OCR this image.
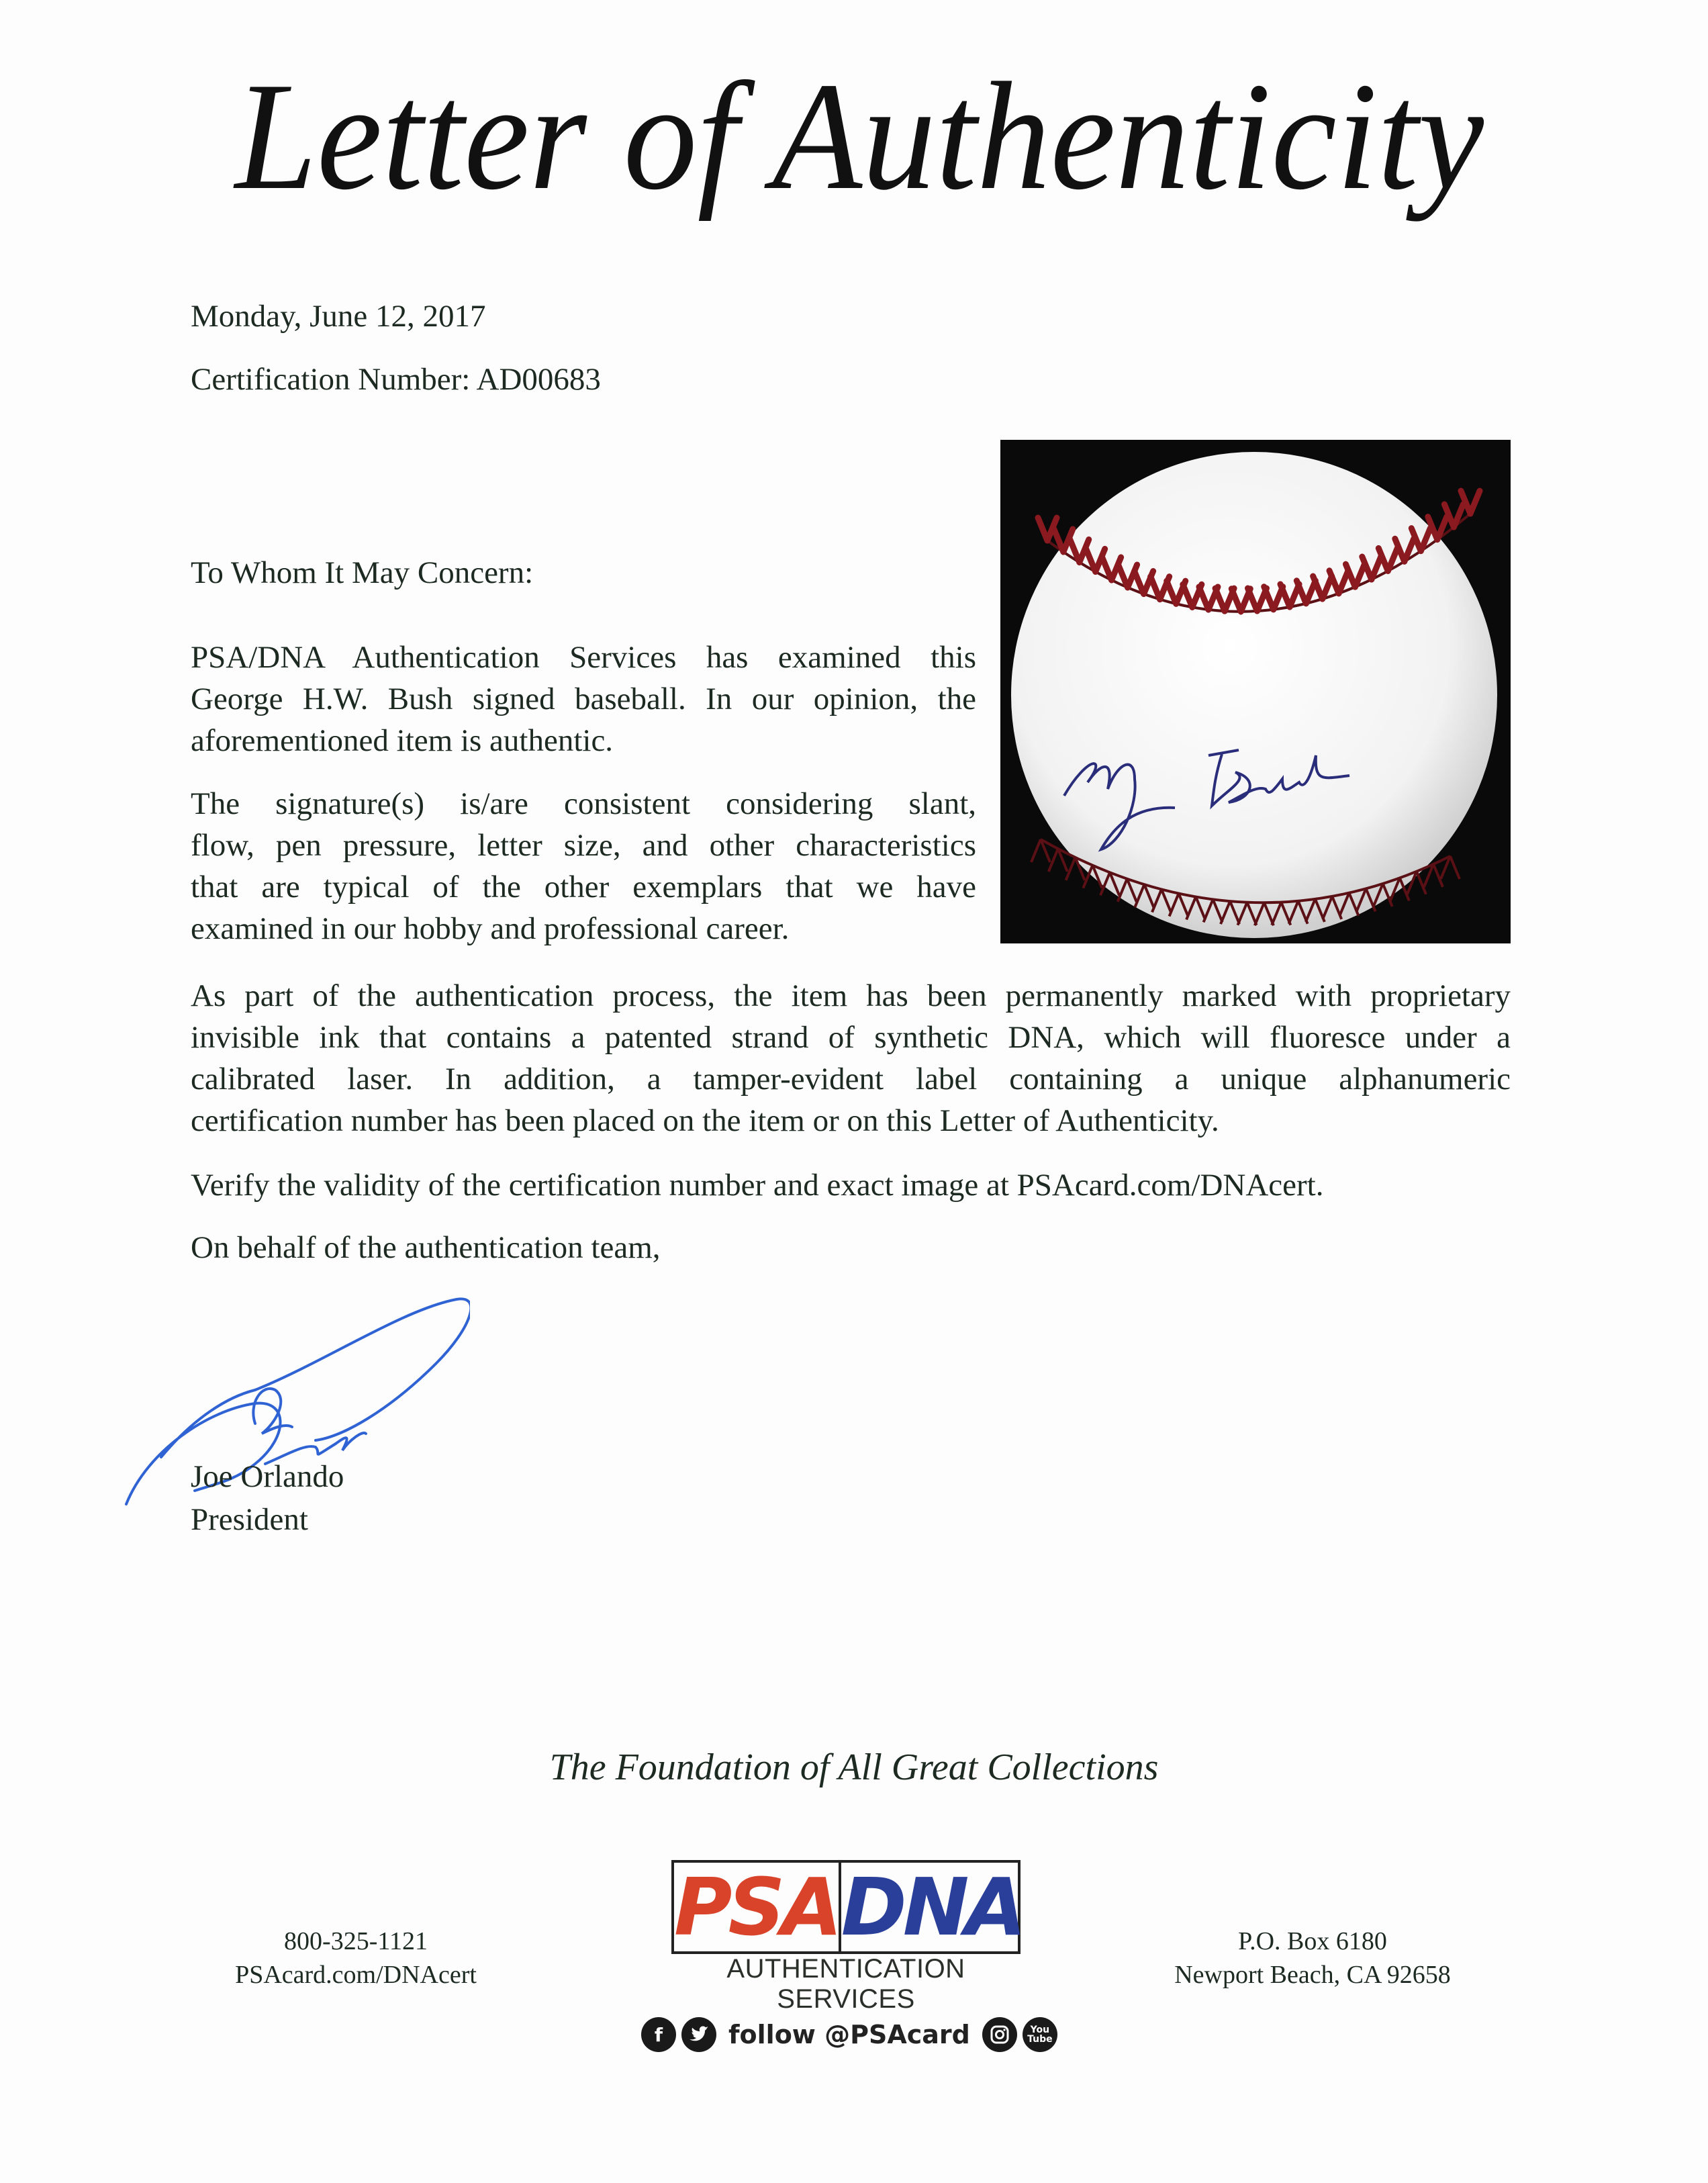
Letter of Authenticity
Monday, June 12, 2017
Certification Number: AD00683
To Whom It May Concern:
PSA/DNA Authentication Services has examined this
George H.W. Bush signed baseball. In our opinion, the
aforementioned item is authentic.
The signature(s) is/are consistent considering slant,
flow, pen pressure, letter size, and other characteristics
that are typical of the other exemplars that we have
examined in our hobby and professional career.
As part of the authentication process, the item has been permanently marked with proprietary
invisible ink that contains a patented strand of synthetic DNA, which will fluoresce under a
calibrated laser. In addition, a tamper-evident label containing a unique alphanumeric
certification number has been placed on the item or on this Letter of Authenticity.
Verify the validity of the certification number and exact image at PSAcard.com/DNAcert.
On behalf of the authentication team,
Joe Orlando
President
The Foundation of All Great Collections
800-325-1121
PSAcard.com/DNAcert
PSA DNA
AUTHENTICATION SERVICES
f	follow @PSAcard	You
Tube
P.O. Box 6180
Newport Beach, CA 92658
